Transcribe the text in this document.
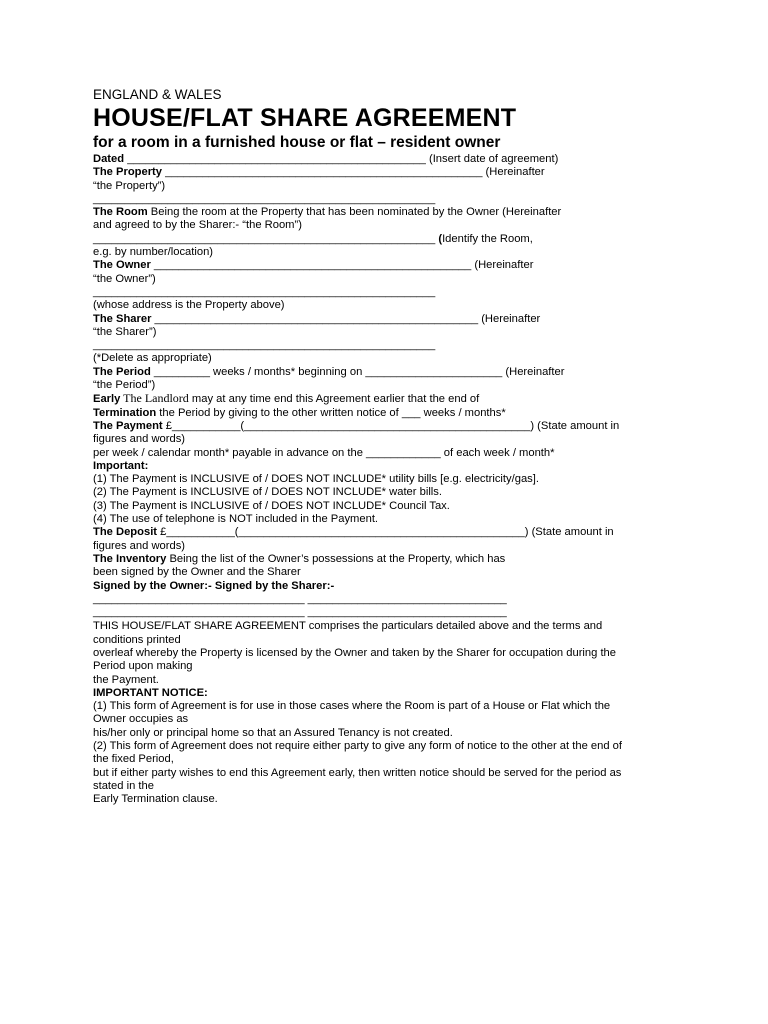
ENGLAND & WALES

HOUSE/FLAT SHARE AGREEMENT

for a room in a furnished house or flat – resident owner

Dated ________________________________________________ (Insert date of agreement)

The Property ___________________________________________________ (Hereinafter

“the Property”)

_______________________________________________________

The Room Being the room at the Property that has been nominated by the Owner (Hereinafter

and agreed to by the Sharer:- “the Room”)

_______________________________________________________ (Identify the Room,

e.g. by number/location)

The Owner ___________________________________________________ (Hereinafter

“the Owner”)

_______________________________________________________

(whose address is the Property above)

The Sharer ____________________________________________________ (Hereinafter

“the Sharer”)

_______________________________________________________

(*Delete as appropriate)

The Period _________ weeks / months* beginning on ______________________ (Hereinafter

“the Period”)

Early The Landlord may at any time end this Agreement earlier that the end of

Termination the Period by giving to the other written notice of ___ weeks / months*

The Payment £___________(______________________________________________) (State amount in

figures and words)

per week / calendar month* payable in advance on the ____________ of each week / month*

Important:

(1) The Payment is INCLUSIVE of / DOES NOT INCLUDE* utility bills [e.g. electricity/gas].

(2) The Payment is INCLUSIVE of / DOES NOT INCLUDE* water bills.

(3) The Payment is INCLUSIVE of / DOES NOT INCLUDE* Council Tax.

(4) The use of telephone is NOT included in the Payment.

The Deposit £___________(______________________________________________) (State amount in

figures and words)

The Inventory Being the list of the Owner’s possessions at the Property, which has

been signed by the Owner and the Sharer

Signed by the Owner:- Signed by the Sharer:-

__________________________________ ________________________________

__________________________________ ________________________________

THIS HOUSE/FLAT SHARE AGREEMENT comprises the particulars detailed above and the terms and

conditions printed

overleaf whereby the Property is licensed by the Owner and taken by the Sharer for occupation during the

Period upon making

the Payment.

IMPORTANT NOTICE:

(1) This form of Agreement is for use in those cases where the Room is part of a House or Flat which the

Owner occupies as

his/her only or principal home so that an Assured Tenancy is not created.

(2) This form of Agreement does not require either party to give any form of notice to the other at the end of

the fixed Period,

but if either party wishes to end this Agreement early, then written notice should be served for the period as

stated in the

Early Termination clause.
